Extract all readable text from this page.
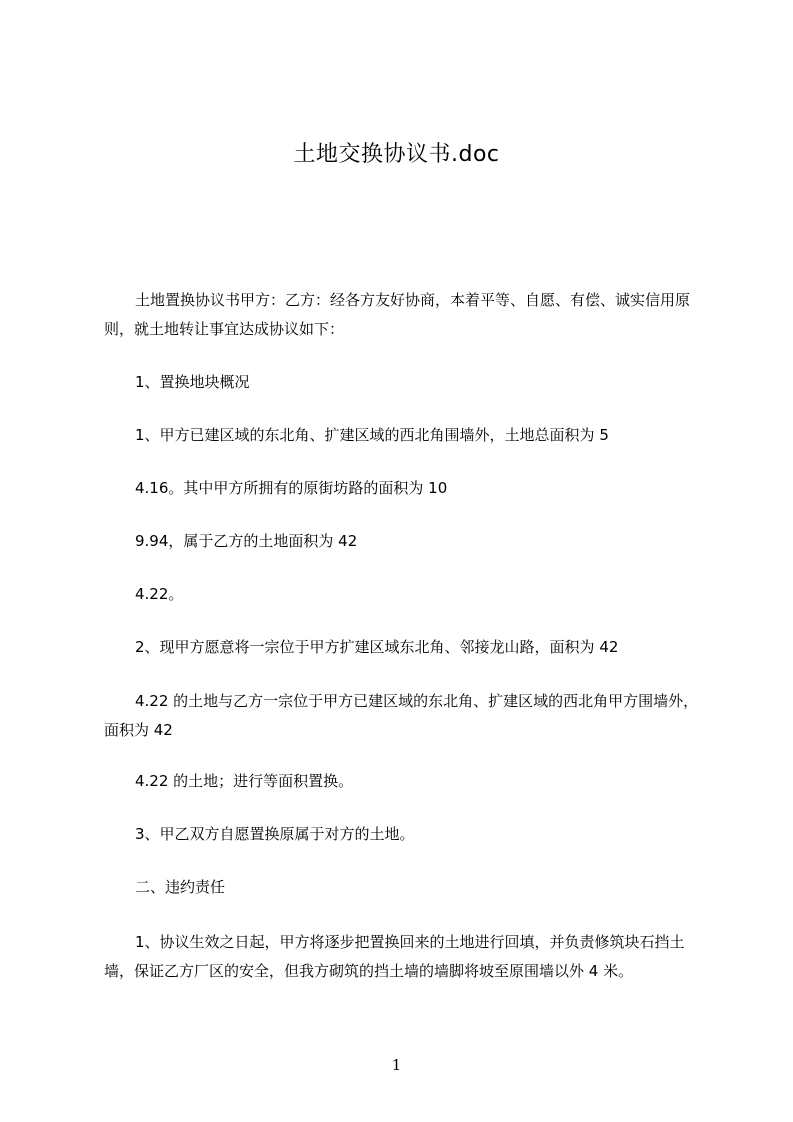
土地交换协议书.doc

土地置换协议书甲方：乙方：经各方友好协商，本着平等、自愿、有偿、诚实信用原则，就土地转让事宜达成协议如下：

1、置换地块概况

1、甲方已建区域的东北角、扩建区域的西北角围墙外，土地总面积为 5

4.16。其中甲方所拥有的原街坊路的面积为 10

9.94，属于乙方的土地面积为 42

4.22。

2、现甲方愿意将一宗位于甲方扩建区域东北角、邻接龙山路，面积为 42

4.22 的土地与乙方一宗位于甲方已建区域的东北角、扩建区域的西北角甲方围墙外，面积为 42

4.22 的土地；进行等面积置换。

3、甲乙双方自愿置换原属于对方的土地。

二、违约责任

1、协议生效之日起，甲方将逐步把置换回来的土地进行回填，并负责修筑块石挡土墙，保证乙方厂区的安全，但我方砌筑的挡土墙的墙脚将坡至原围墙以外 4 米。

1
